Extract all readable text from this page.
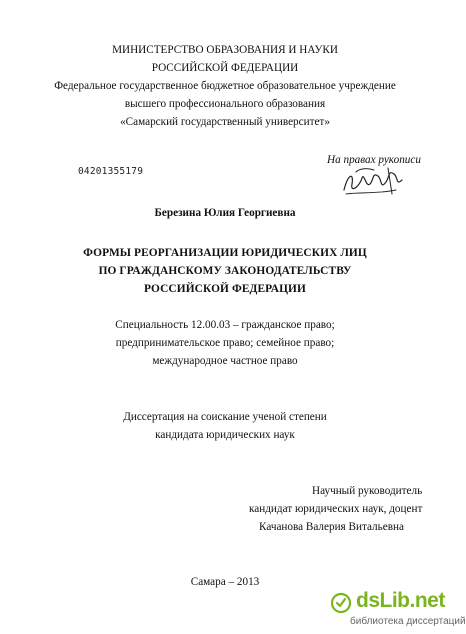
МИНИСТЕРСТВО ОБРАЗОВАНИЯ И НАУКИ
РОССИЙСКОЙ ФЕДЕРАЦИИ
Федеральное государственное бюджетное образовательное учреждение
высшего профессионального образования
«Самарский государственный университет»
На правах рукописи
04201355179
Березина Юлия Георгиевна
ФОРМЫ РЕОРГАНИЗАЦИИ ЮРИДИЧЕСКИХ ЛИЦ
ПО ГРАЖДАНСКОМУ ЗАКОНОДАТЕЛЬСТВУ
РОССИЙСКОЙ ФЕДЕРАЦИИ
Специальность 12.00.03 – гражданское право;
предпринимательское право; семейное право;
международное частное право
Диссертация на соискание ученой степени
кандидата юридических наук
Научный руководитель
кандидат юридических наук, доцент
Качанова Валерия Витальевна
Самара – 2013
dsLib.net
библиотека диссертаций
